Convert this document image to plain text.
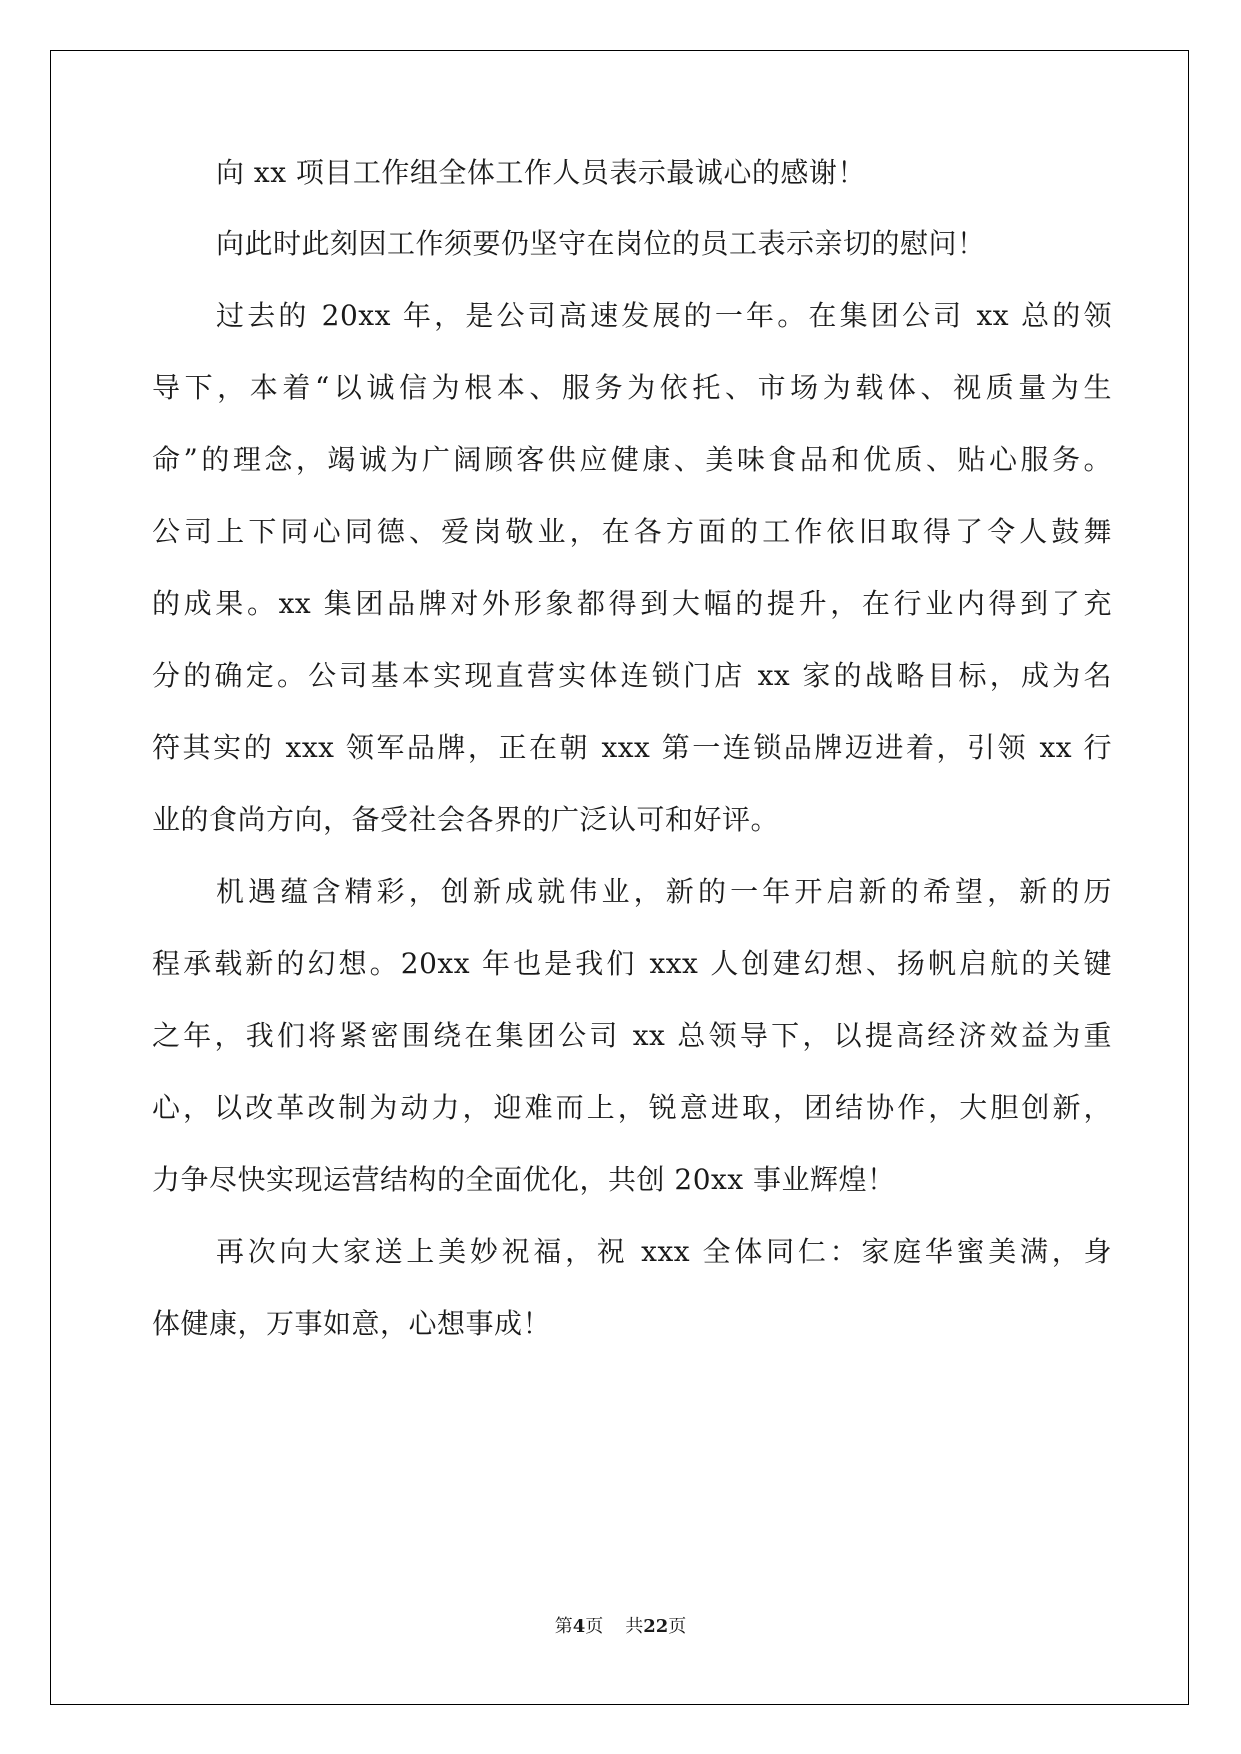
向 xx 项目工作组全体工作人员表示最诚心的感谢！

向此时此刻因工作须要仍坚守在岗位的员工表示亲切的慰问！

过去的 20xx 年，是公司高速发展的一年。在集团公司 xx 总的领

导下，本着“以诚信为根本、服务为依托、市场为载体、视质量为生

命”的理念，竭诚为广阔顾客供应健康、美味食品和优质、贴心服务。

公司上下同心同德、爱岗敬业，在各方面的工作依旧取得了令人鼓舞

的成果。xx 集团品牌对外形象都得到大幅的提升，在行业内得到了充

分的确定。公司基本实现直营实体连锁门店 xx 家的战略目标，成为名

符其实的 xxx 领军品牌，正在朝 xxx 第一连锁品牌迈进着，引领 xx 行

业的食尚方向，备受社会各界的广泛认可和好评。

机遇蕴含精彩，创新成就伟业，新的一年开启新的希望，新的历

程承载新的幻想。20xx 年也是我们 xxx 人创建幻想、扬帆启航的关键

之年，我们将紧密围绕在集团公司 xx 总领导下，以提高经济效益为重

心，以改革改制为动力，迎难而上，锐意进取，团结协作，大胆创新，

力争尽快实现运营结构的全面优化，共创 20xx 事业辉煌！

再次向大家送上美妙祝福，祝 xxx 全体同仁：家庭华蜜美满，身

体健康，万事如意，心想事成！

第4页 共22页
